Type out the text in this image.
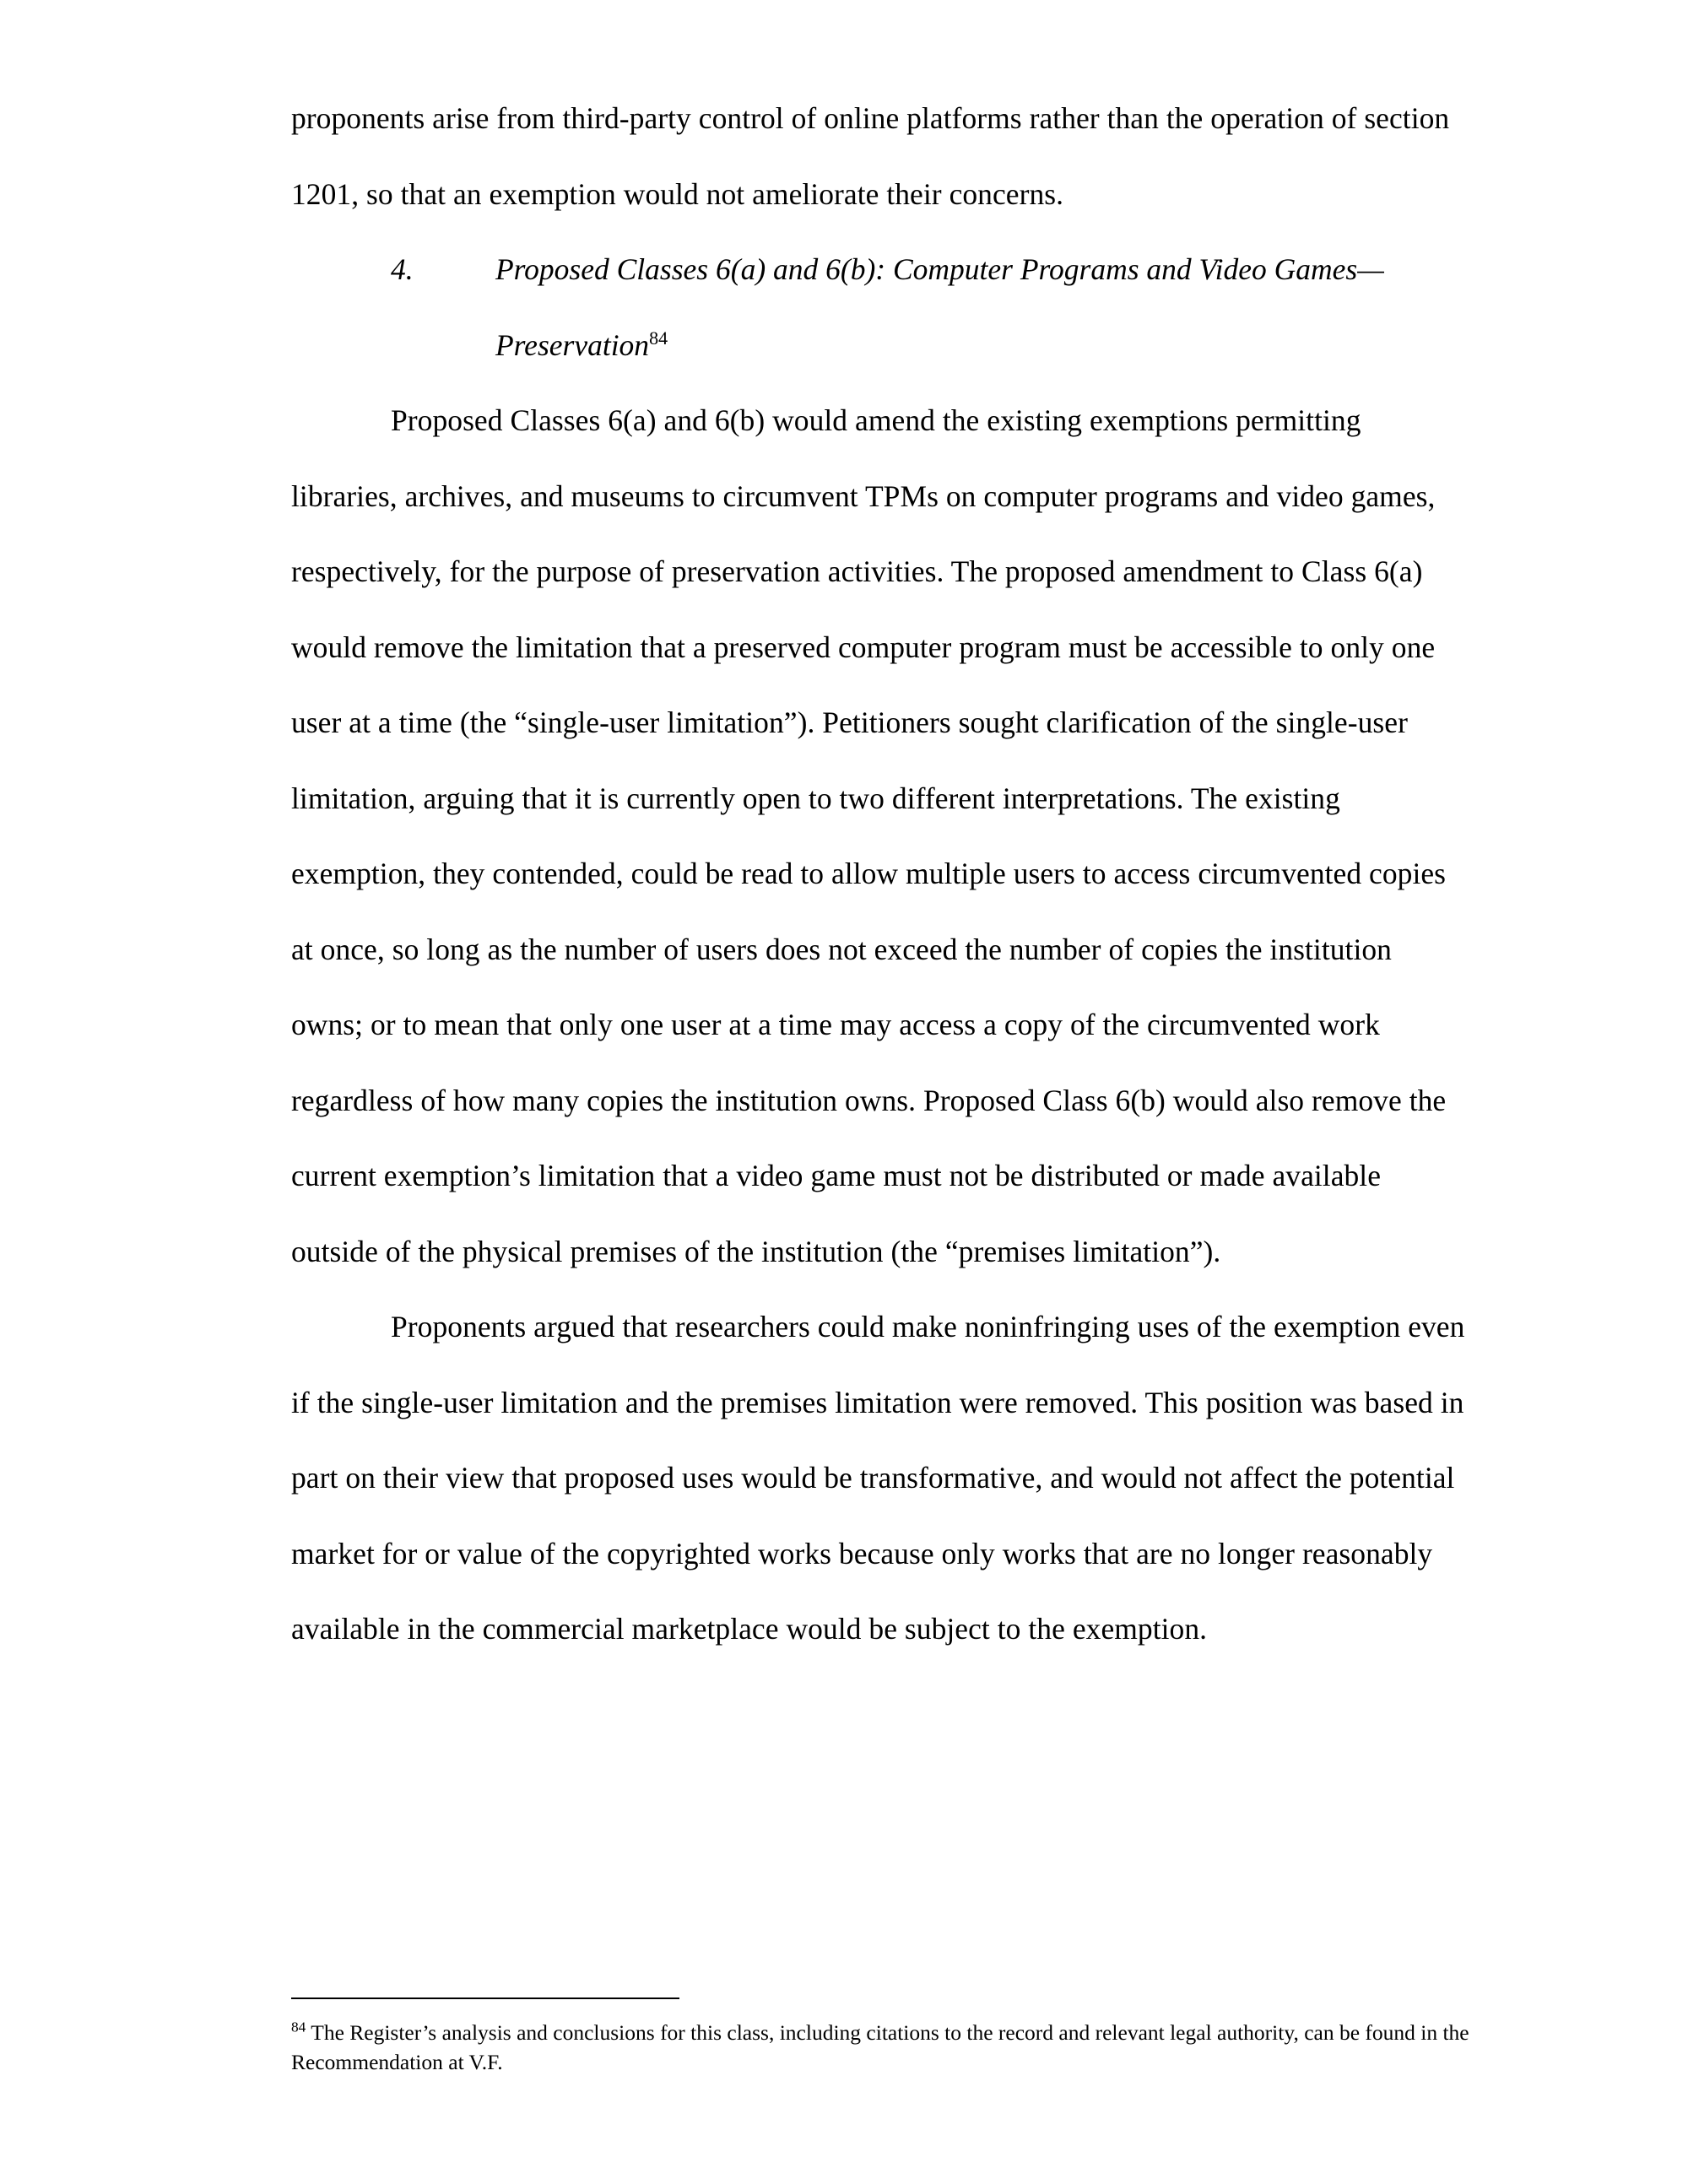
proponents arise from third-party control of online platforms rather than the operation of section 1201, so that an exemption would not ameliorate their concerns.

4.	Proposed Classes 6(a) and 6(b): Computer Programs and Video Games—
Preservation$^{84}$

Proposed Classes 6(a) and 6(b) would amend the existing exemptions permitting libraries, archives, and museums to circumvent TPMs on computer programs and video games, respectively, for the purpose of preservation activities. The proposed amendment to Class 6(a) would remove the limitation that a preserved computer program must be accessible to only one user at a time (the “single-user limitation”). Petitioners sought clarification of the single-user limitation, arguing that it is currently open to two different interpretations. The existing exemption, they contended, could be read to allow multiple users to access circumvented copies at once, so long as the number of users does not exceed the number of copies the institution owns; or to mean that only one user at a time may access a copy of the circumvented work regardless of how many copies the institution owns. Proposed Class 6(b) would also remove the current exemption’s limitation that a video game must not be distributed or made available outside of the physical premises of the institution (the “premises limitation”).

Proponents argued that researchers could make noninfringing uses of the exemption even if the single-user limitation and the premises limitation were removed. This position was based in part on their view that proposed uses would be transformative, and would not affect the potential market for or value of the copyrighted works because only works that are no longer reasonably available in the commercial marketplace would be subject to the exemption.

$^{84}$ The Register’s analysis and conclusions for this class, including citations to the record and relevant legal authority, can be found in the Recommendation at V.F.
